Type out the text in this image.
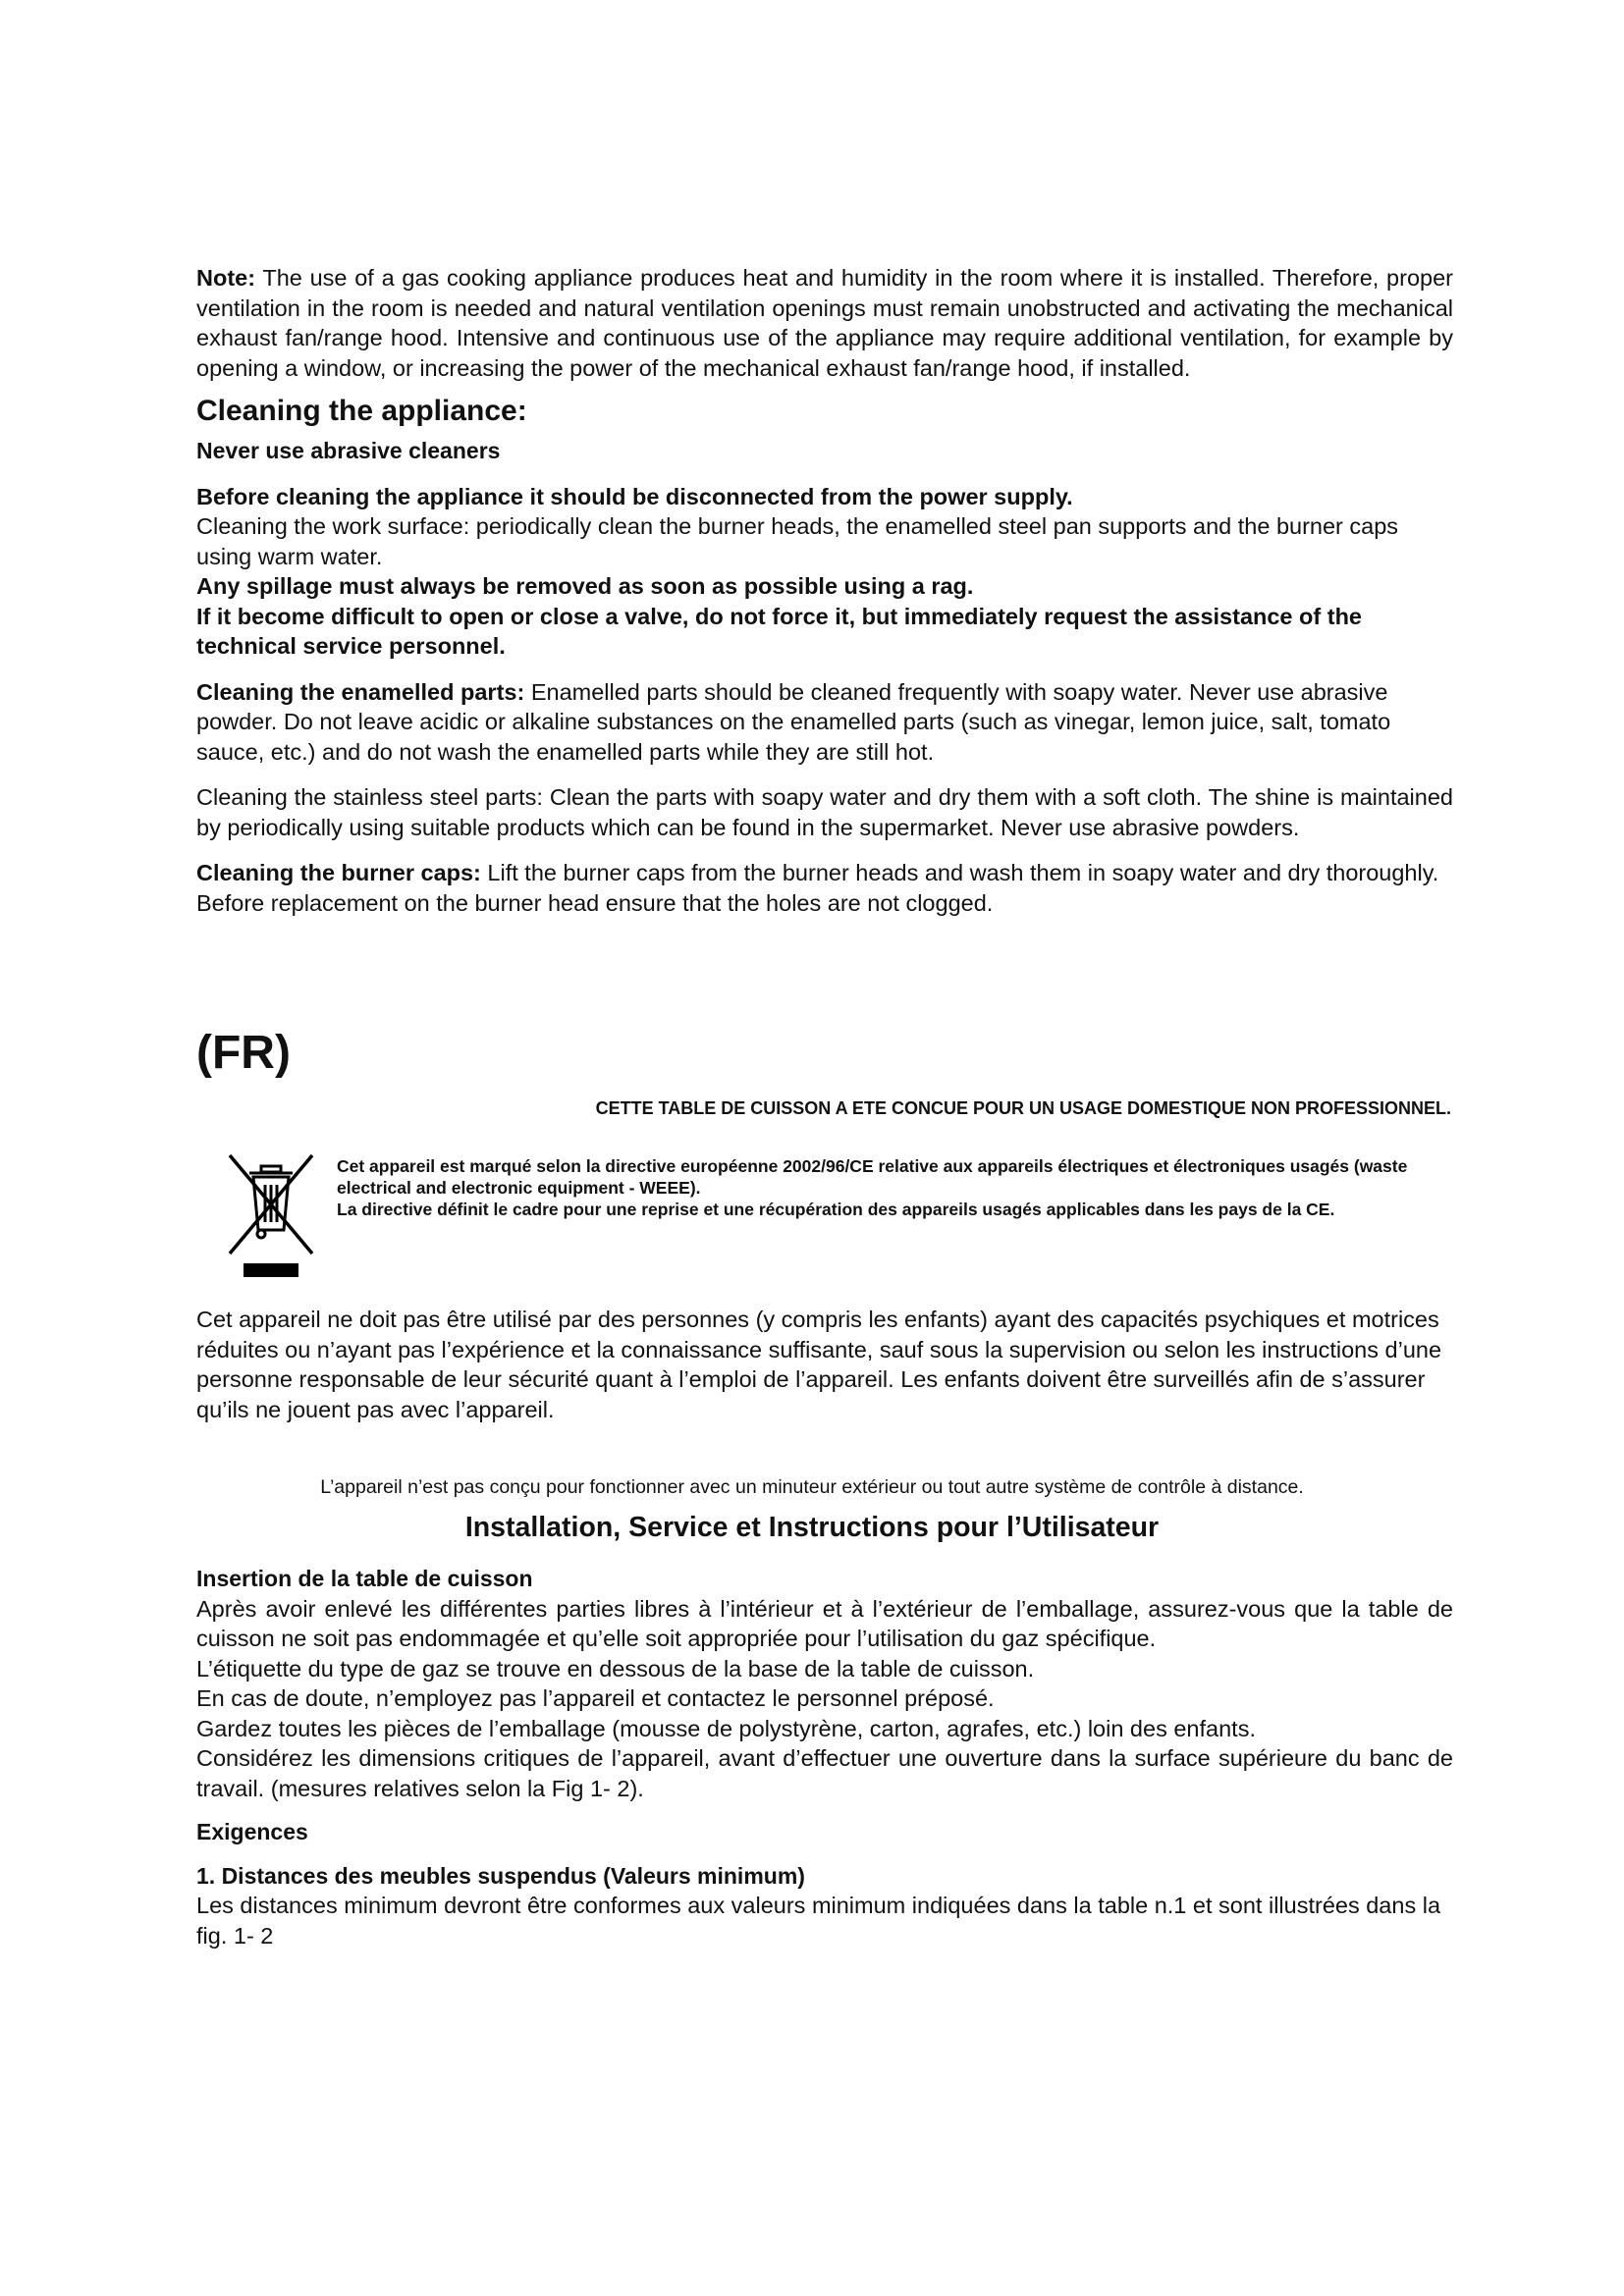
Note: The use of a gas cooking appliance produces heat and humidity in the room where it is installed. Therefore, proper ventilation in the room is needed and natural ventilation openings must remain unobstructed and activating the mechanical exhaust fan/range hood. Intensive and continuous use of the appliance may require additional ventilation, for example by opening a window, or increasing the power of the mechanical exhaust fan/range hood, if installed.

Cleaning the appliance:

Never use abrasive cleaners

Before cleaning the appliance it should be disconnected from the power supply.

Cleaning the work surface: periodically clean the burner heads, the enamelled steel pan supports and the burner caps using warm water.

Any spillage must always be removed as soon as possible using a rag.

If it become difficult to open or close a valve, do not force it, but immediately request the assistance of the technical service personnel.

Cleaning the enamelled parts: Enamelled parts should be cleaned frequently with soapy water. Never use abrasive powder. Do not leave acidic or alkaline substances on the enamelled parts (such as vinegar, lemon juice, salt, tomato sauce, etc.) and do not wash the enamelled parts while they are still hot.

Cleaning the stainless steel parts: Clean the parts with soapy water and dry them with a soft cloth. The shine is maintained by periodically using suitable products which can be found in the supermarket. Never use abrasive powders.

Cleaning the burner caps: Lift the burner caps from the burner heads and wash them in soapy water and dry thoroughly. Before replacement on the burner head ensure that the holes are not clogged.

(FR)

CETTE TABLE DE CUISSON A ETE CONCUE POUR UN USAGE DOMESTIQUE NON PROFESSIONNEL.

Cet appareil est marqué selon la directive européenne 2002/96/CE relative aux appareils électriques et électroniques usagés (waste electrical and electronic equipment - WEEE).
La directive définit le cadre pour une reprise et une récupération des appareils usagés applicables dans les pays de la CE.

Cet appareil ne doit pas être utilisé par des personnes (y compris les enfants) ayant des capacités psychiques et motrices réduites ou n’ayant pas l’expérience et la connaissance suffisante, sauf sous la supervision ou selon les instructions d’une personne responsable de leur sécurité quant à l’emploi de l’appareil. Les enfants doivent être surveillés afin de s’assurer qu’ils ne jouent pas avec l’appareil.

L’appareil n’est pas conçu pour fonctionner avec un minuteur extérieur ou tout autre système de contrôle à distance.

Installation, Service et Instructions pour l’Utilisateur

Insertion de la table de cuisson

Après avoir enlevé les différentes parties libres à l’intérieur et à l’extérieur de l’emballage, assurez-vous que la table de cuisson ne soit pas endommagée et qu’elle soit appropriée pour l’utilisation du gaz spécifique.

L’étiquette du type de gaz se trouve en dessous de la base de la table de cuisson.

En cas de doute, n’employez pas l’appareil et contactez le personnel préposé.

Gardez toutes les pièces de l’emballage (mousse de polystyrène, carton, agrafes, etc.) loin des enfants.

Considérez les dimensions critiques de l’appareil, avant d’effectuer une ouverture dans la surface supérieure du banc de travail. (mesures relatives selon la Fig 1- 2).

Exigences

1. Distances des meubles suspendus (Valeurs minimum)

Les distances minimum devront être conformes aux valeurs minimum indiquées dans la table n.1 et sont illustrées dans la fig. 1- 2
